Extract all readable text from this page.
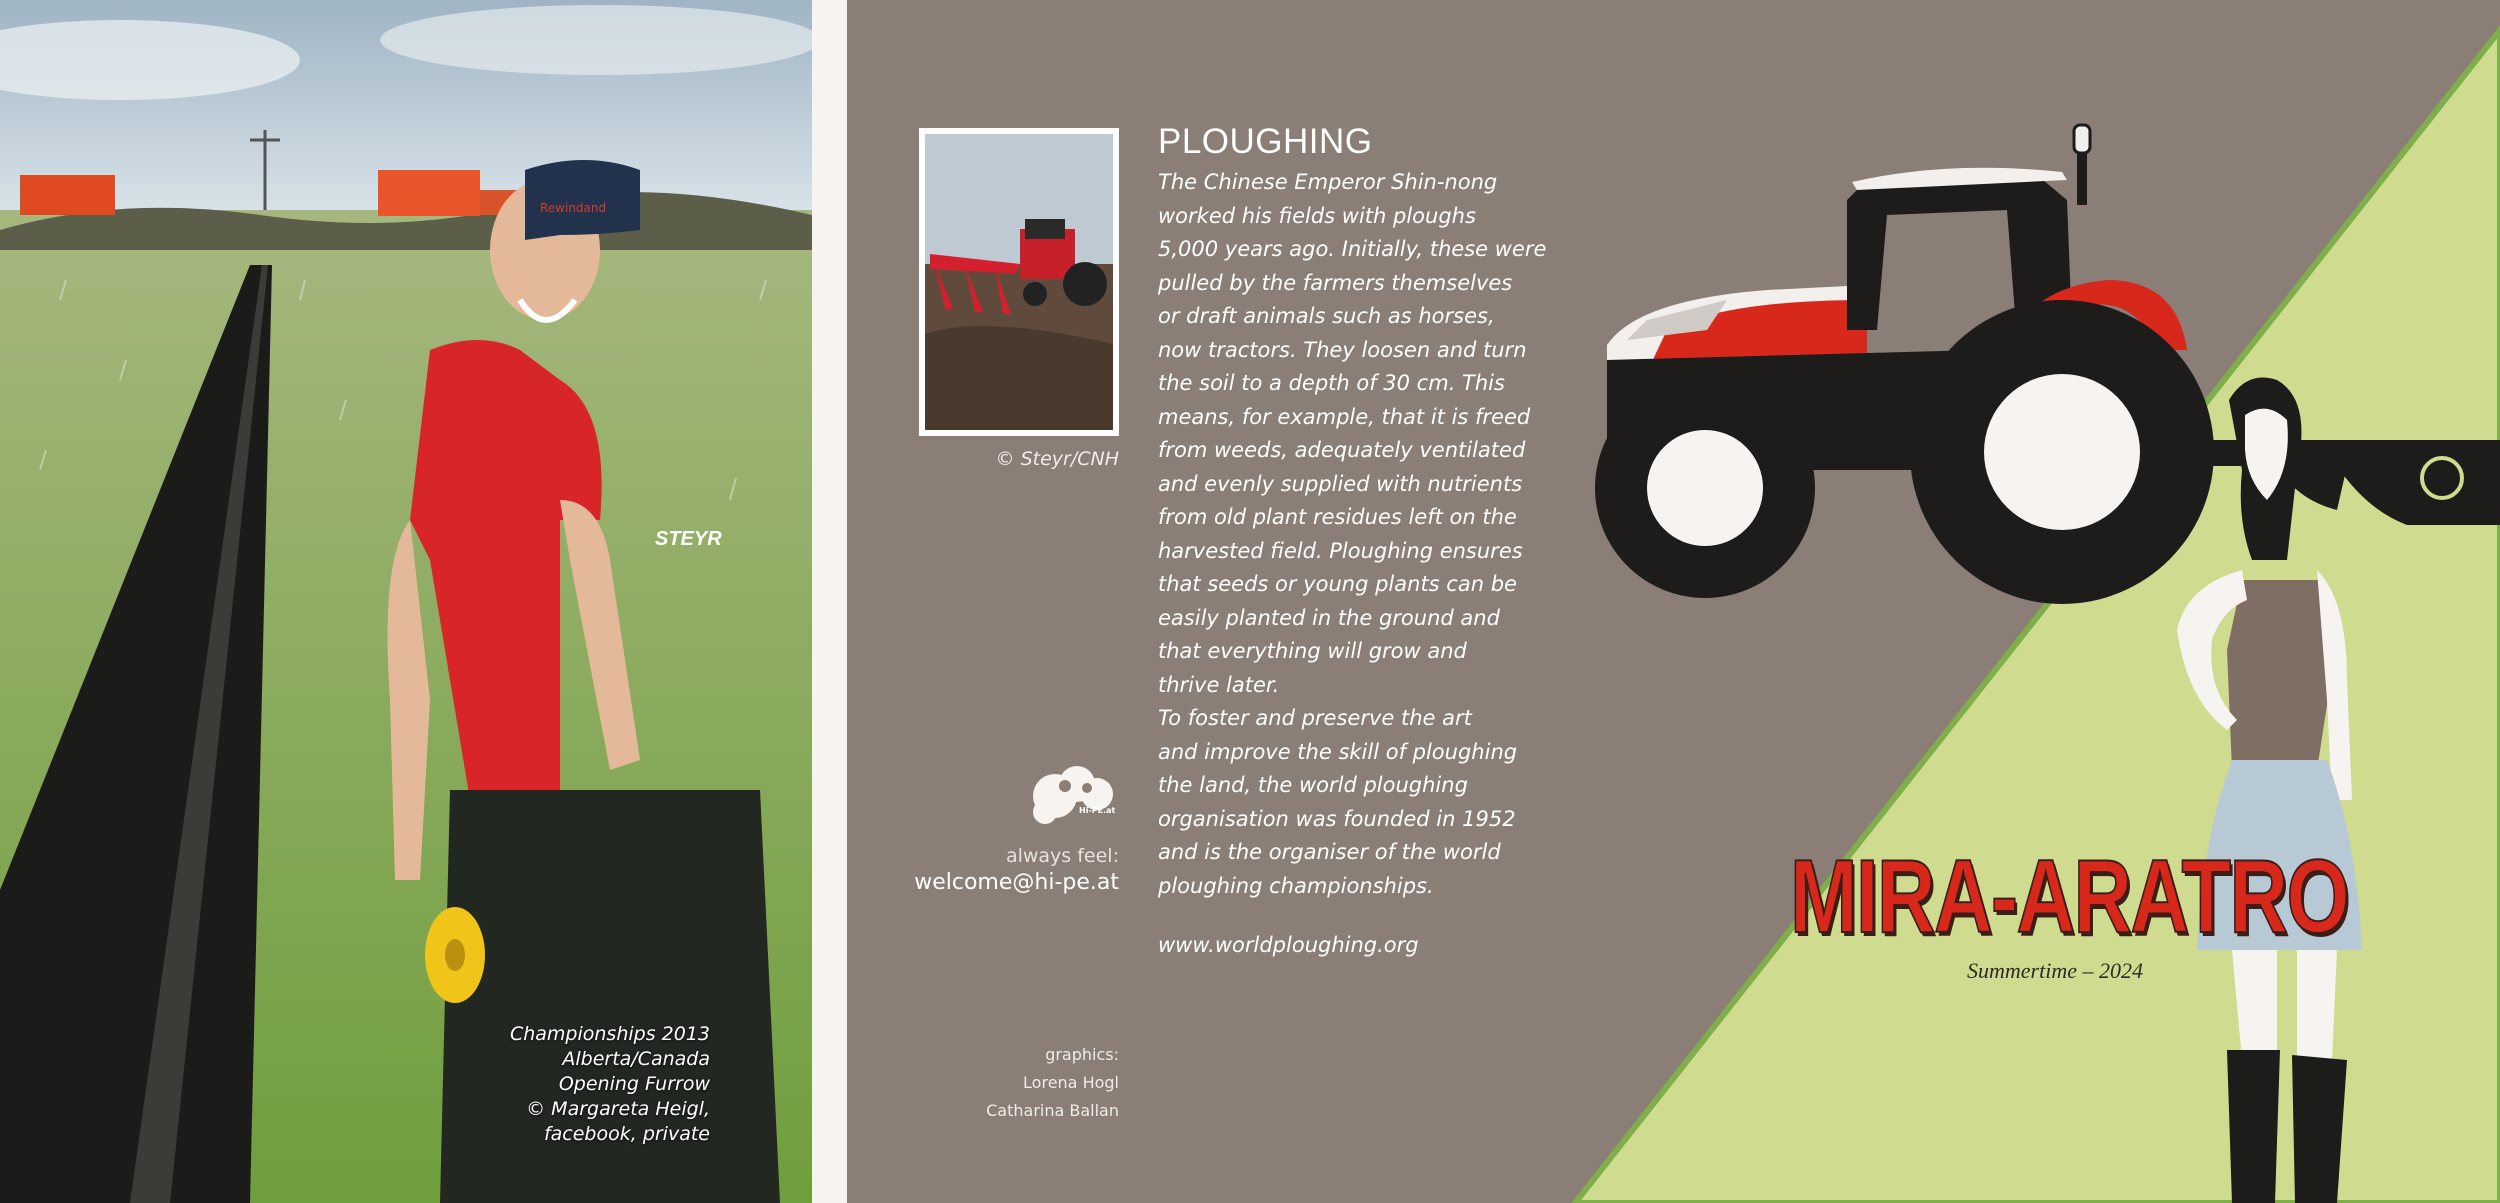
Rewindand
STEYR
Championships 2013
Alberta/Canada
Opening Furrow
© Margareta Heigl,
facebook, private
© Steyr/CNH
PLOUGHING
The Chinese Emperor Shin-nong
worked his fields with ploughs
5,000 years ago. Initially, these were
pulled by the farmers themselves
or draft animals such as horses,
now tractors. They loosen and turn
the soil to a depth of 30 cm. This
means, for example, that it is freed
from weeds, adequately ventilated
and evenly supplied with nutrients
from old plant residues left on the
harvested field. Ploughing ensures
that seeds or young plants can be
easily planted in the ground and
that everything will grow and
thrive later.
To foster and preserve the art
and improve the skill of ploughing
the land, the world ploughing
organisation was founded in 1952
and is the organiser of the world
ploughing championships.
www.worldploughing.org
Hi-PE.at
always feel:
welcome@hi-pe.at
graphics:
Lorena Hogl
Catharina Ballan
MIRA-ARATRO
Summertime – 2024
